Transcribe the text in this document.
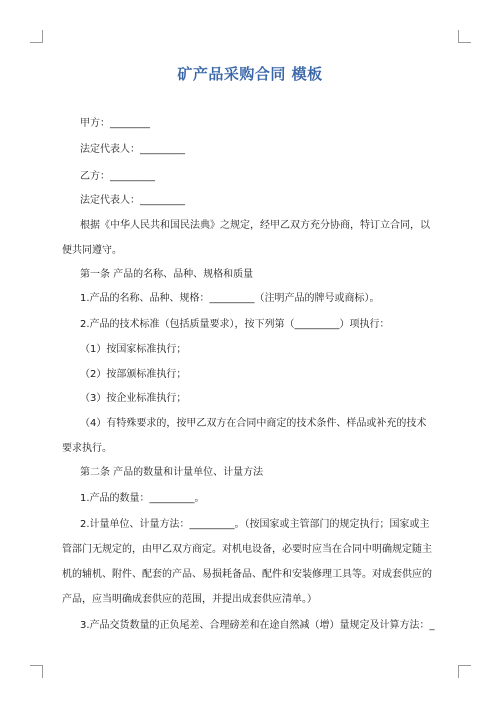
矿产品采购合同 模板
甲方：________
法定代表人：_________
乙方：_________
法定代表人：_________
根据《中华人民共和国民法典》之规定，经甲乙双方充分协商，特订立合同，以
便共同遵守。
第一条 产品的名称、品种、规格和质量
1.产品的名称、品种、规格：_________（注明产品的牌号或商标）。
2.产品的技术标准（包括质量要求），按下列第（_________）项执行：
（1）按国家标准执行；
（2）按部颁标准执行；
（3）按企业标准执行；
（4）有特殊要求的，按甲乙双方在合同中商定的技术条件、样品或补充的技术
要求执行。
第二条 产品的数量和计量单位、计量方法
1.产品的数量：_________。
2.计量单位、计量方法：_________。（按国家或主管部门的规定执行；国家或主
管部门无规定的，由甲乙双方商定。对机电设备，必要时应当在合同中明确规定随主
机的辅机、附件、配套的产品、易损耗备品、配件和安装修理工具等。对成套供应的
产品，应当明确成套供应的范围，并提出成套供应清单。）
3.产品交货数量的正负尾差、合理磅差和在途自然减（增）量规定及计算方法：_
